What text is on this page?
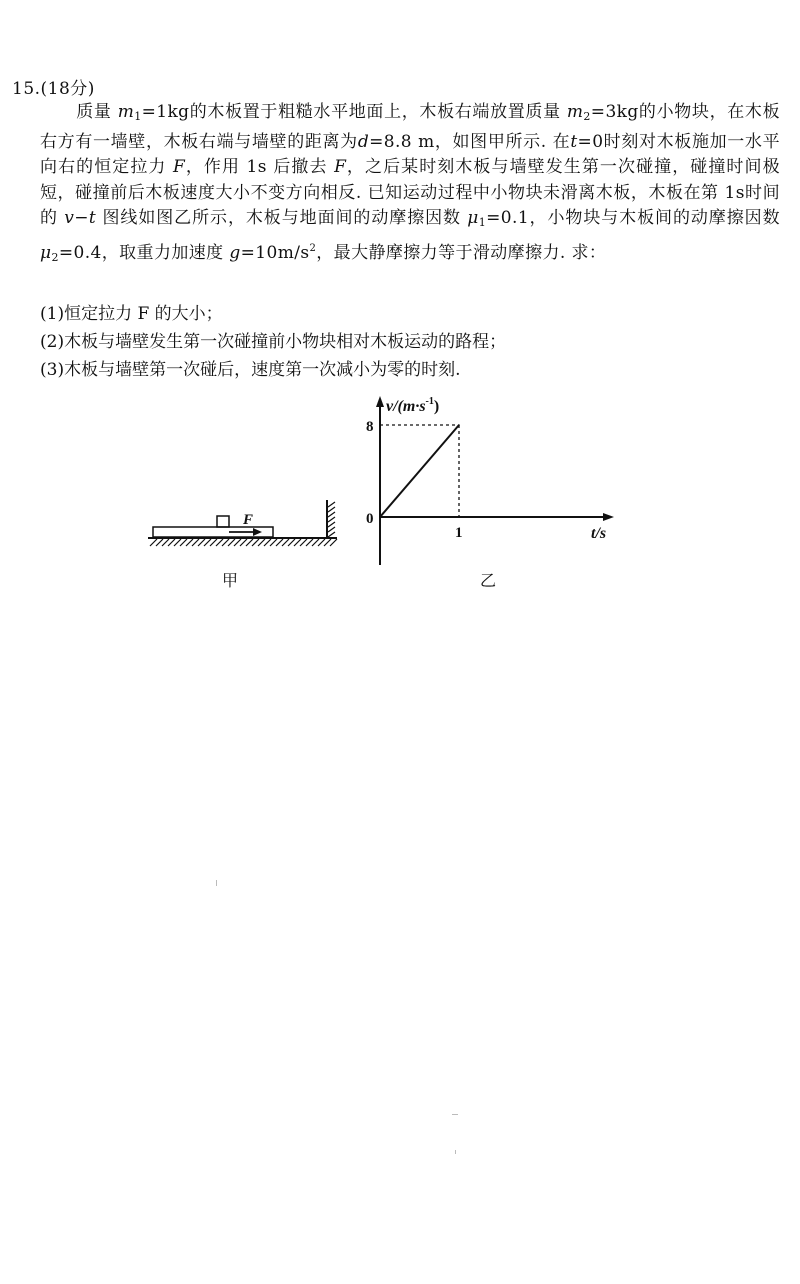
15.(18分)
质量 $m_1=1kg$的木板置于粗糙水平地面上，木板右端放置质量 $m_2=3kg$的小物块，在木板右方有一墙壁，木板右端与墙壁的距离为d=8.8 m，如图甲所示. 在t=0时刻对木板施加一水平向右的恒定拉力 F，作用 1s 后撤去 F，之后某时刻木板与墙壁发生第一次碰撞，碰撞时间极短，碰撞前后木板速度大小不变方向相反. 已知运动过程中小物块未滑离木板，木板在第 1s时间的 v−t 图线如图乙所示，木板与地面间的动摩擦因数 $\mu_1=0.1$，小物块与木板间的动摩擦因数$\mu_2=0.4$，取重力加速度 $g=10m/s^2$，最大静摩擦力等于滑动摩擦力. 求：
(1)恒定拉力 F 的大小；
(2)木板与墙壁发生第一次碰撞前小物块相对木板运动的路程；
(3)木板与墙壁第一次碰后，速度第一次减小为零的时刻.
F
甲
$v/(m\cdot s^{-1})$
t/s
0
8
1
乙
